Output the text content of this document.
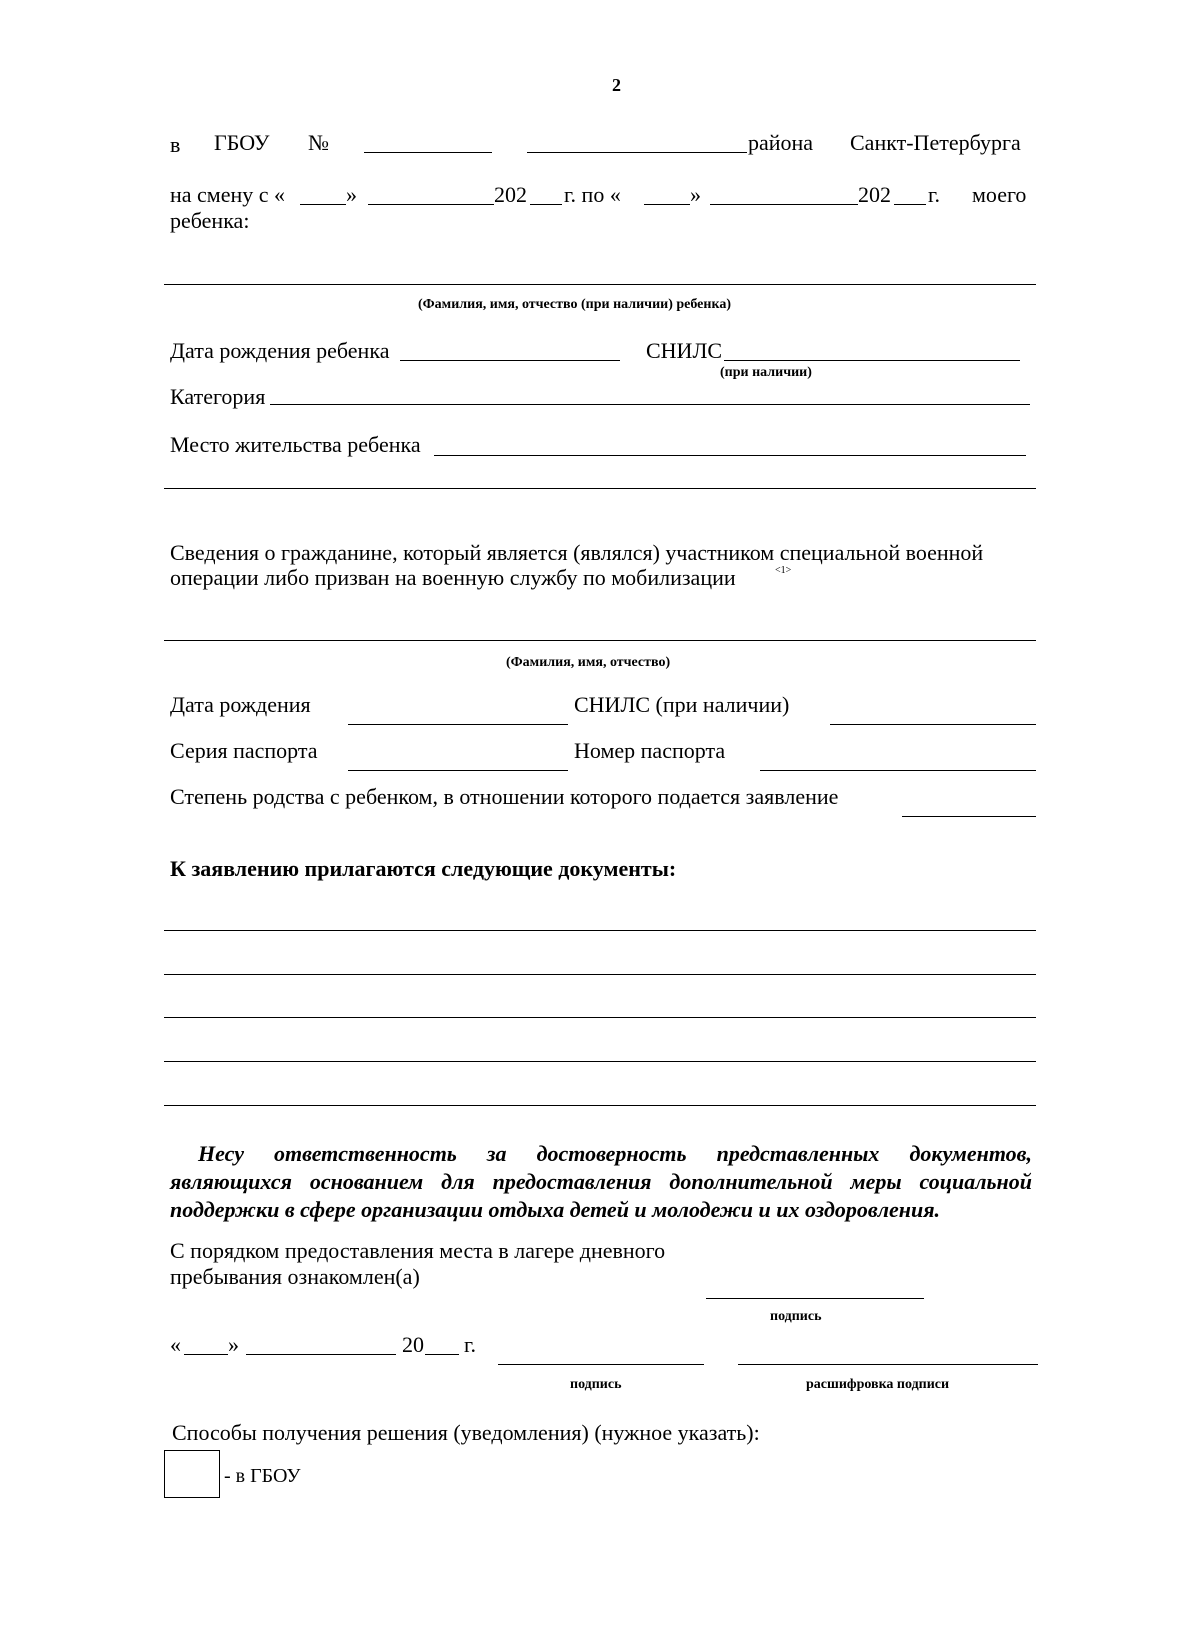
2
в ГБОУ №	района Санкт-Петербурга
на смену с «	»	202 г. по «	»	202 г. моего
ребенка:
(Фамилия, имя, отчество (при наличии) ребенка)
Дата рождения ребенка	СНИЛС
(при наличии)
Категория
Место жительства ребенка
Сведения о гражданине, который является (являлся) участником специальной военной
операции либо призван на военную службу по мобилизации	<1>
(Фамилия, имя, отчество)
Дата рождения	СНИЛС (при наличии)
Серия паспорта	Номер паспорта
Степень родства с ребенком, в отношении которого подается заявление
К заявлению прилагаются следующие документы:
Несу ответственность за достоверность представленных документов, являющихся основанием для предоставления дополнительной меры социальной поддержки в сфере организации отдыха детей и молодежи и их оздоровления.
С порядком предоставления места в лагере дневного
пребывания ознакомлен(а)
подпись
« »	20 г.
подпись	расшифровка подписи
Способы получения решения (уведомления) (нужное указать):
- в ГБОУ
